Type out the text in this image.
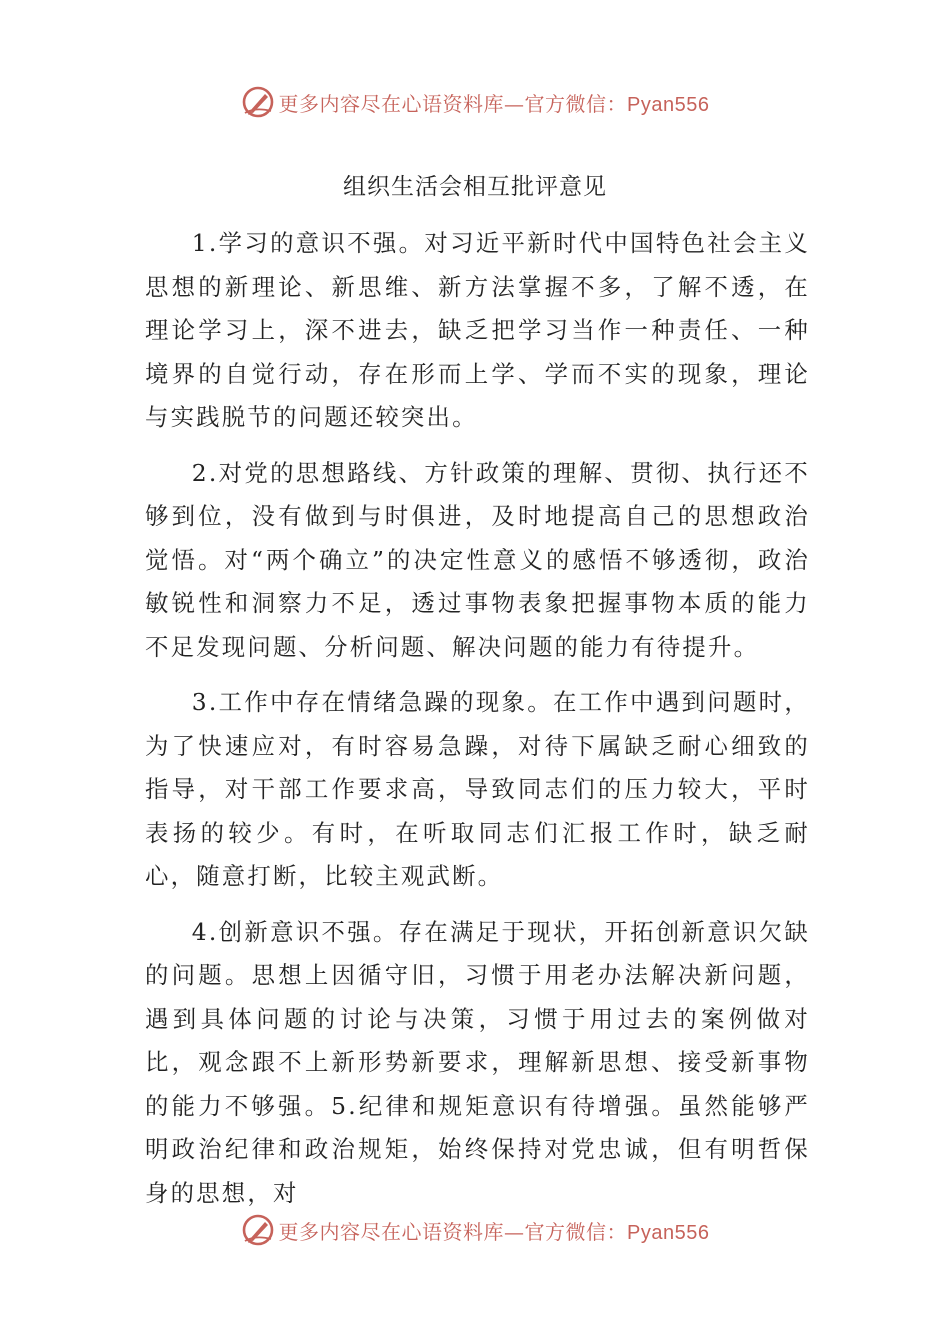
更多内容尽在心语资料库—官方微信：Pyan556
组织生活会相互批评意见

1.学习的意识不强。对习近平新时代中国特色社会主义思想的新理论、新思维、新方法掌握不多，了解不透，在理论学习上，深不进去，缺乏把学习当作一种责任、一种境界的自觉行动，存在形而上学、学而不实的现象，理论与实践脱节的问题还较突出。

2.对党的思想路线、方针政策的理解、贯彻、执行还不够到位，没有做到与时俱进，及时地提高自己的思想政治觉悟。对“两个确立”的决定性意义的感悟不够透彻，政治敏锐性和洞察力不足，透过事物表象把握事物本质的能力不足发现问题、分析问题、解决问题的能力有待提升。

3.工作中存在情绪急躁的现象。在工作中遇到问题时，为了快速应对，有时容易急躁，对待下属缺乏耐心细致的指导，对干部工作要求高，导致同志们的压力较大，平时表扬的较少。有时，在听取同志们汇报工作时，缺乏耐心，随意打断，比较主观武断。

4.创新意识不强。存在满足于现状，开拓创新意识欠缺的问题。思想上因循守旧，习惯于用老办法解决新问题，遇到具体问题的讨论与决策，习惯于用过去的案例做对比，观念跟不上新形势新要求，理解新思想、接受新事物的能力不够强。5.纪律和规矩意识有待增强。虽然能够严明政治纪律和政治规矩，始终保持对党忠诚，但有明哲保身的思想，对

更多内容尽在心语资料库—官方微信：Pyan556
